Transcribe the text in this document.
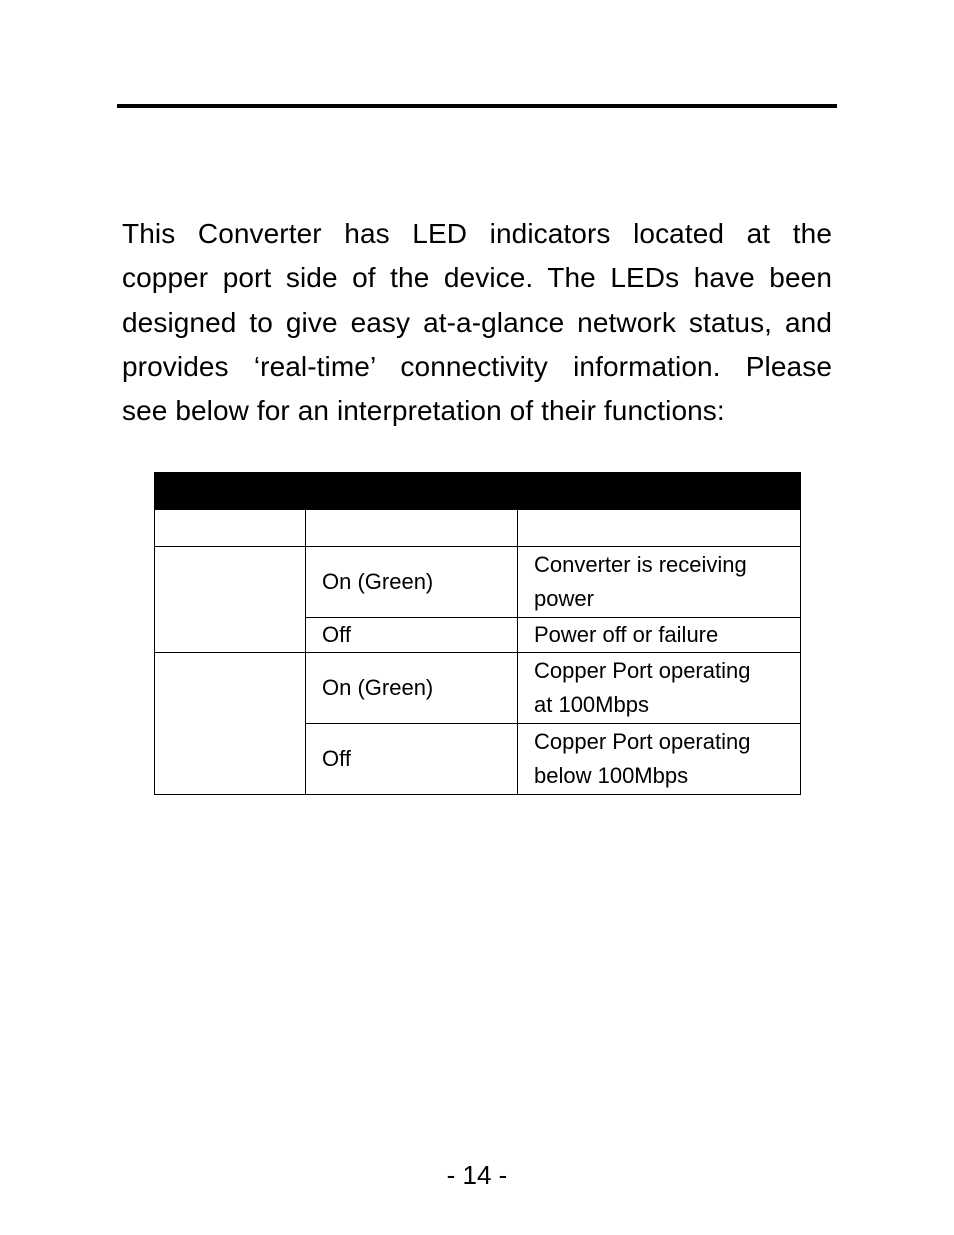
This Converter has LED indicators located at the
copper port side of the device. The LEDs have been
designed to give easy at-a-glance network status, and
provides ‘real-time’ connectivity information. Please
see below for an interpretation of their functions:

	On (Green)	Converter is receiving
power
	Off	Power off or failure
	On (Green)	Copper Port operating
at 100Mbps
	Off	Copper Port operating
below 100Mbps
- 14 -
